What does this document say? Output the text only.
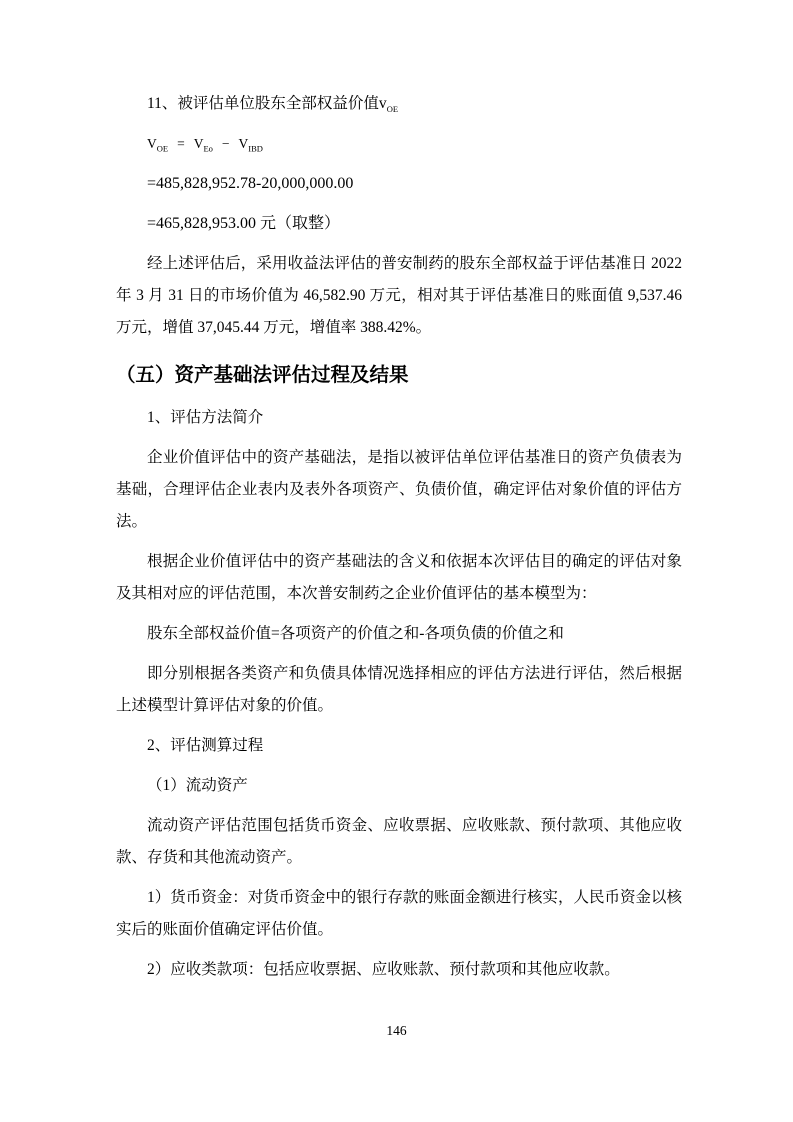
11、被评估单位股东全部权益价值$v_{OE}$

$V_{OE} = V_{Eo} - V_{IBD}$

=485,828,952.78-20,000,000.00

=465,828,953.00 元（取整）

经上述评估后，采用收益法评估的普安制药的股东全部权益于评估基准日 2022 年 3 月 31 日的市场价值为 46,582.90 万元，相对其于评估基准日的账面值 9,537.46 万元，增值 37,045.44 万元，增值率 388.42%。

（五）资产基础法评估过程及结果

1、评估方法简介

企业价值评估中的资产基础法，是指以被评估单位评估基准日的资产负债表为基础，合理评估企业表内及表外各项资产、负债价值，确定评估对象价值的评估方法。

根据企业价值评估中的资产基础法的含义和依据本次评估目的确定的评估对象及其相对应的评估范围，本次普安制药之企业价值评估的基本模型为：

股东全部权益价值=各项资产的价值之和-各项负债的价值之和

即分别根据各类资产和负债具体情况选择相应的评估方法进行评估，然后根据上述模型计算评估对象的价值。

2、评估测算过程

（1）流动资产

流动资产评估范围包括货币资金、应收票据、应收账款、预付款项、其他应收款、存货和其他流动资产。

1）货币资金：对货币资金中的银行存款的账面金额进行核实，人民币资金以核实后的账面价值确定评估价值。

2）应收类款项：包括应收票据、应收账款、预付款项和其他应收款。

146
